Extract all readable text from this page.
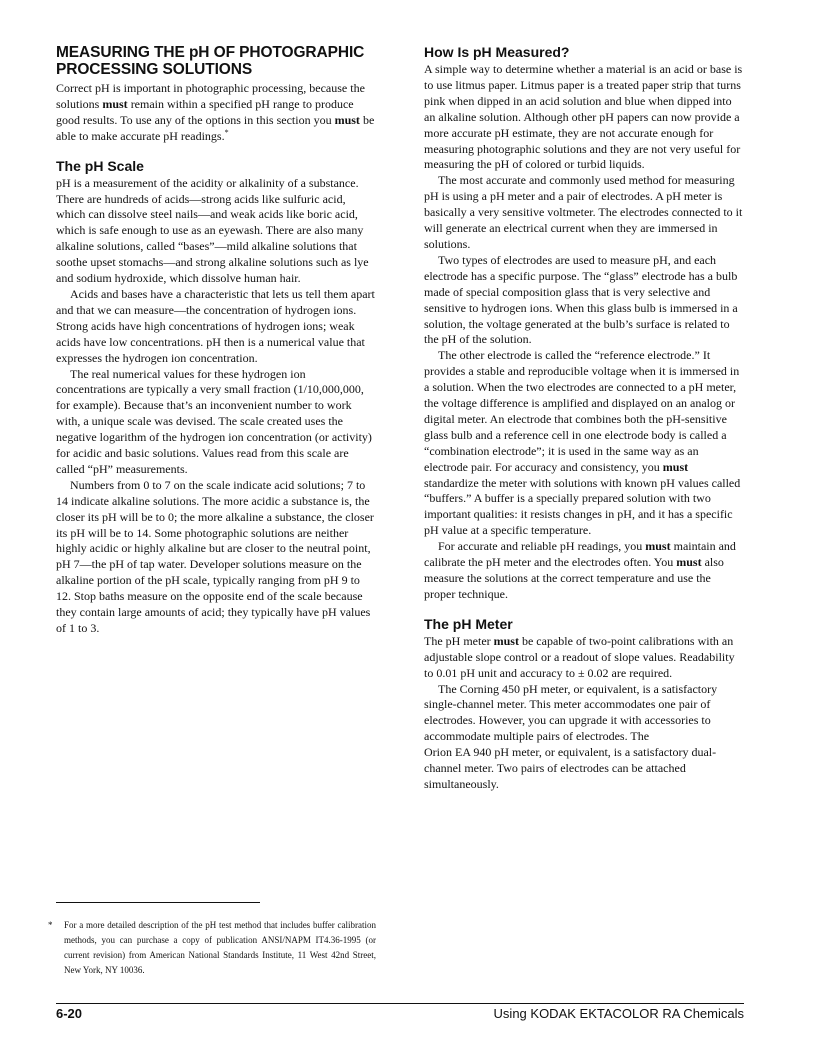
MEASURING THE pH OF PHOTOGRAPHIC PROCESSING SOLUTIONS

Correct pH is important in photographic processing, because the solutions must remain within a specified pH range to produce good results. To use any of the options in this section you must be able to make accurate pH readings.*

The pH Scale

pH is a measurement of the acidity or alkalinity of a substance. There are hundreds of acids—strong acids like sulfuric acid, which can dissolve steel nails—and weak acids like boric acid, which is safe enough to use as an eyewash. There are also many alkaline solutions, called “bases”—mild alkaline solutions that soothe upset stomachs—and strong alkaline solutions such as lye and sodium hydroxide, which dissolve human hair.

Acids and bases have a characteristic that lets us tell them apart and that we can measure—the concentration of hydrogen ions. Strong acids have high concentrations of hydrogen ions; weak acids have low concentrations. pH then is a numerical value that expresses the hydrogen ion concentration.

The real numerical values for these hydrogen ion concentrations are typically a very small fraction (1/10,000,000, for example). Because that’s an inconvenient number to work with, a unique scale was devised. The scale created uses the negative logarithm of the hydrogen ion concentration (or activity) for acidic and basic solutions. Values read from this scale are called “pH” measurements.

Numbers from 0 to 7 on the scale indicate acid solutions; 7 to 14 indicate alkaline solutions. The more acidic a substance is, the closer its pH will be to 0; the more alkaline a substance, the closer its pH will be to 14. Some photographic solutions are neither highly acidic or highly alkaline but are closer to the neutral point, pH 7—the pH of tap water. Developer solutions measure on the alkaline portion of the pH scale, typically ranging from pH 9 to 12. Stop baths measure on the opposite end of the scale because they contain large amounts of acid; they typically have pH values of 1 to 3.

How Is pH Measured?

A simple way to determine whether a material is an acid or base is to use litmus paper. Litmus paper is a treated paper strip that turns pink when dipped in an acid solution and blue when dipped into an alkaline solution. Although other pH papers can now provide a more accurate pH estimate, they are not accurate enough for measuring photographic solutions and they are not very useful for measuring the pH of colored or turbid liquids.

The most accurate and commonly used method for measuring pH is using a pH meter and a pair of electrodes. A pH meter is basically a very sensitive voltmeter. The electrodes connected to it will generate an electrical current when they are immersed in solutions.

Two types of electrodes are used to measure pH, and each electrode has a specific purpose. The “glass” electrode has a bulb made of special composition glass that is very selective and sensitive to hydrogen ions. When this glass bulb is immersed in a solution, the voltage generated at the bulb’s surface is related to the pH of the solution.

The other electrode is called the “reference electrode.” It provides a stable and reproducible voltage when it is immersed in a solution. When the two electrodes are connected to a pH meter, the voltage difference is amplified and displayed on an analog or digital meter. An electrode that combines both the pH-sensitive glass bulb and a reference cell in one electrode body is called a “combination electrode”; it is used in the same way as an electrode pair. For accuracy and consistency, you must standardize the meter with solutions with known pH values called “buffers.” A buffer is a specially prepared solution with two important qualities: it resists changes in pH, and it has a specific pH value at a specific temperature.

For accurate and reliable pH readings, you must maintain and calibrate the pH meter and the electrodes often. You must also measure the solutions at the correct temperature and use the proper technique.

The pH Meter

The pH meter must be capable of two-point calibrations with an adjustable slope control or a readout of slope values. Readability to 0.01 pH unit and accuracy to ± 0.02 are required.

The Corning 450 pH meter, or equivalent, is a satisfactory single-channel meter. This meter accommodates one pair of electrodes. However, you can upgrade it with accessories to accommodate multiple pairs of electrodes. The

Orion EA 940 pH meter, or equivalent, is a satisfactory dual-channel meter. Two pairs of electrodes can be attached simultaneously.

* For a more detailed description of the pH test method that includes buffer calibration methods, you can purchase a copy of publication ANSI/NAPM IT4.36-1995 (or current revision) from American National Standards Institute, 11 West 42nd Street, New York, NY 10036.
6-20	Using KODAK EKTACOLOR RA Chemicals
